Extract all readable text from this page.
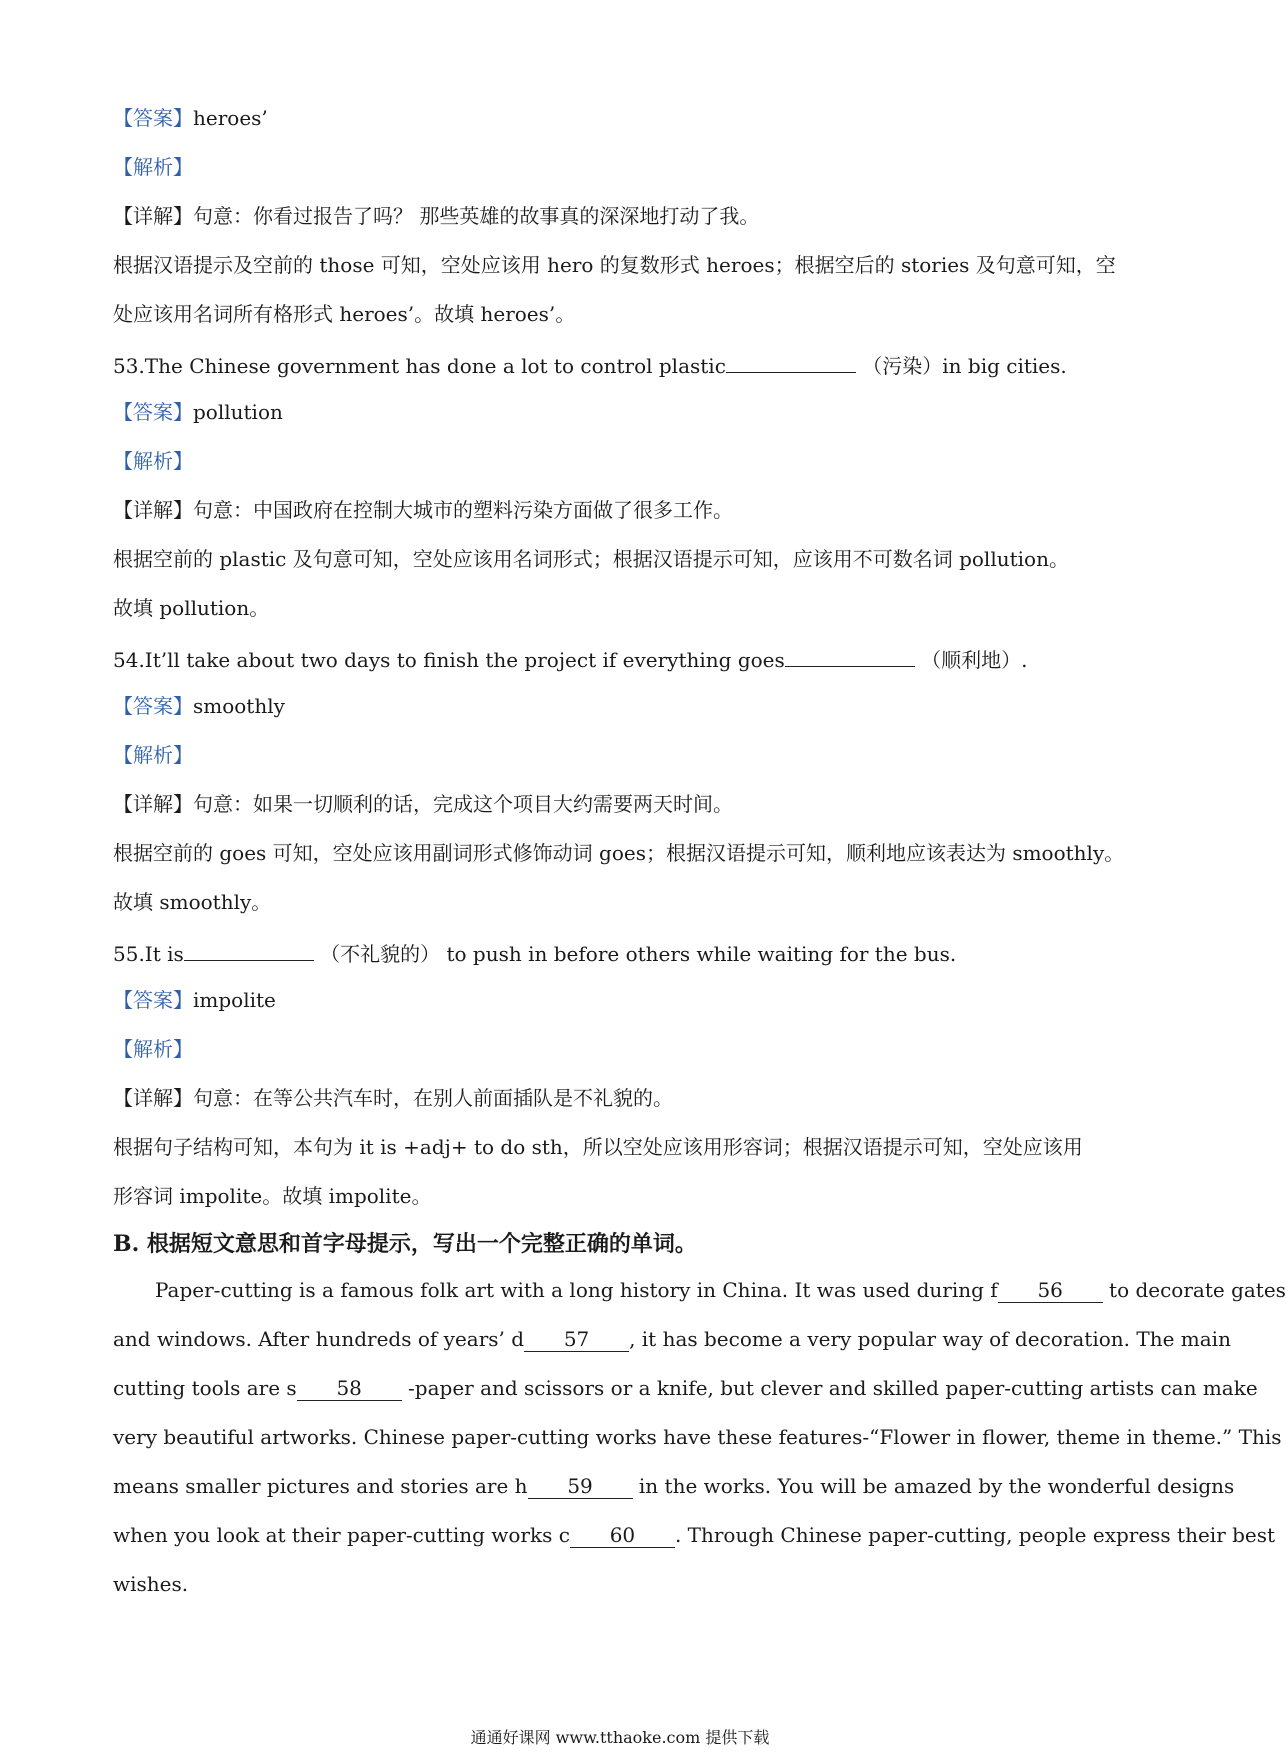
【答案】heroes’
【解析】
【详解】句意：你看过报告了吗？ 那些英雄的故事真的深深地打动了我。
根据汉语提示及空前的 those 可知，空处应该用 hero 的复数形式 heroes；根据空后的 stories 及句意可知，空
处应该用名词所有格形式 heroes’。故填 heroes’。
53.The Chinese government has done a lot to control plastic	（污染）in big cities.
【答案】pollution
【解析】
【详解】句意：中国政府在控制大城市的塑料污染方面做了很多工作。
根据空前的 plastic 及句意可知，空处应该用名词形式；根据汉语提示可知，应该用不可数名词 pollution。
故填 pollution。
54.It’ll take about two days to finish the project if everything goes	（顺利地）.
【答案】smoothly
【解析】
【详解】句意：如果一切顺利的话，完成这个项目大约需要两天时间。
根据空前的 goes 可知，空处应该用副词形式修饰动词 goes；根据汉语提示可知，顺利地应该表达为 smoothly。
故填 smoothly。
55.It is	（不礼貌的） to push in before others while waiting for the bus.
【答案】impolite
【解析】
【详解】句意：在等公共汽车时，在别人前面插队是不礼貌的。
根据句子结构可知，本句为 it is +adj+ to do sth，所以空处应该用形容词；根据汉语提示可知，空处应该用
形容词 impolite。故填 impolite。
B. 根据短文意思和首字母提示，写出一个完整正确的单词。
Paper-cutting is a famous folk art with a long history in China. It was used during f 56 to decorate gates
and windows. After hundreds of years’ d 57 , it has become a very popular way of decoration. The main
cutting tools are s 58 -paper and scissors or a knife, but clever and skilled paper-cutting artists can make
very beautiful artworks. Chinese paper-cutting works have these features-“Flower in flower, theme in theme.” This
means smaller pictures and stories are h 59 in the works. You will be amazed by the wonderful designs
when you look at their paper-cutting works c 60 . Through Chinese paper-cutting, people express their best
wishes.
通通好课网 www.tthaoke.com 提供下载
